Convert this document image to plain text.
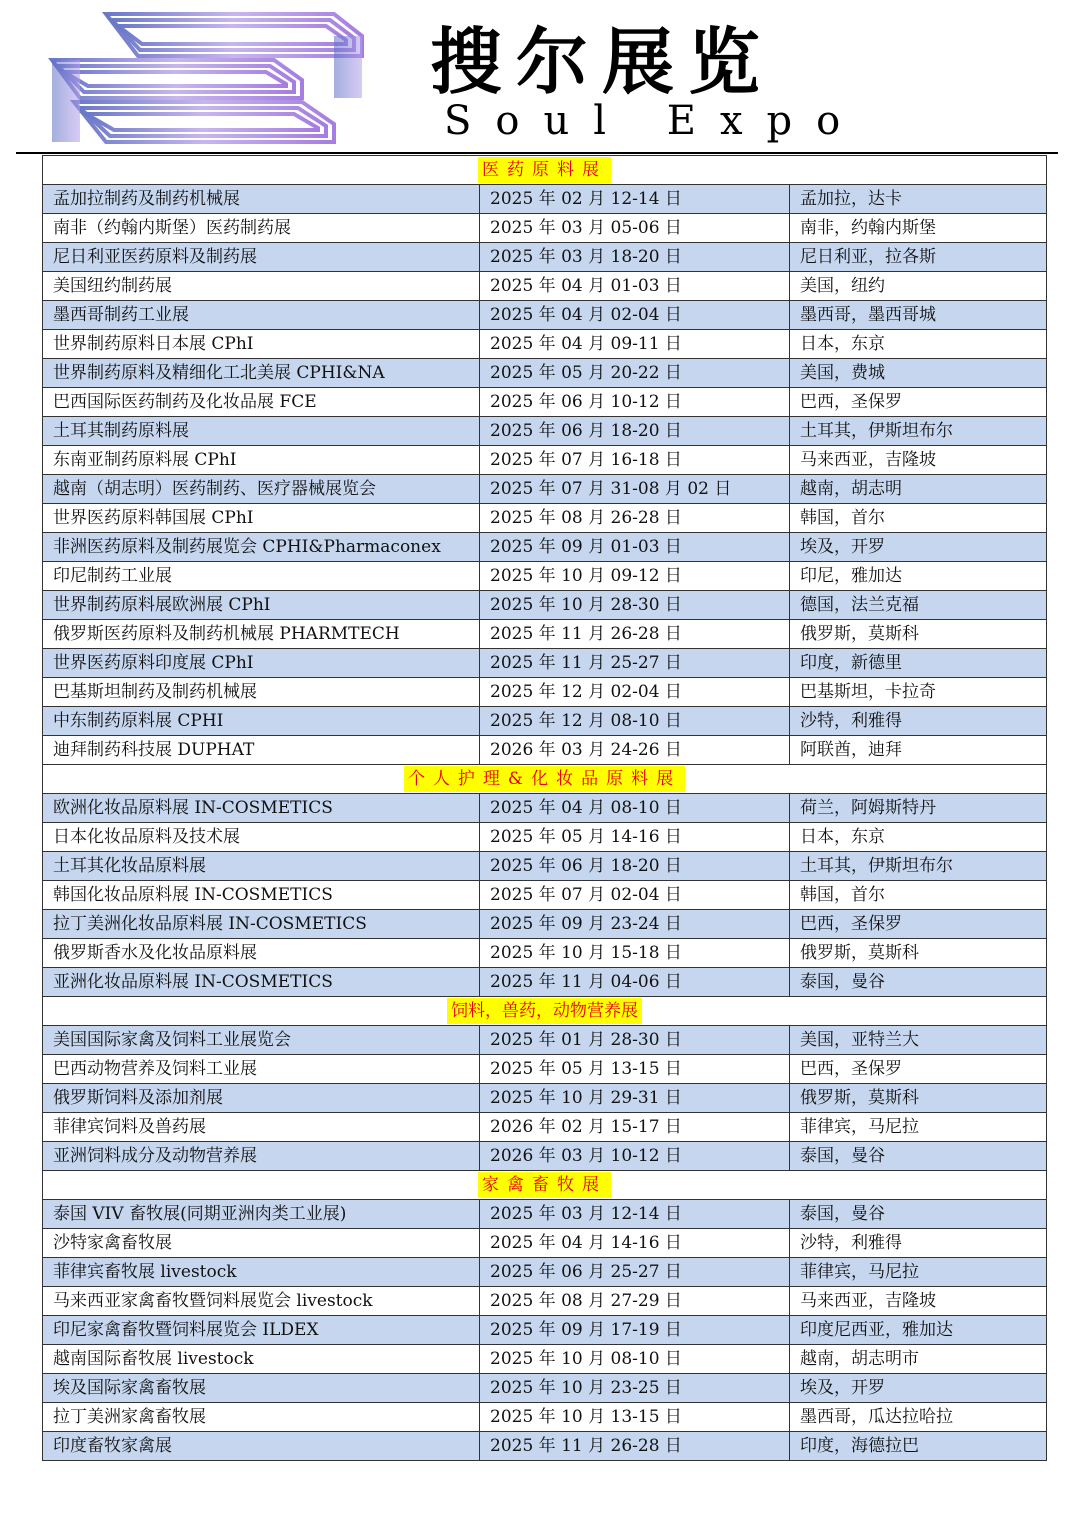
搜尔展览
Soul Expo
医药原料展		
孟加拉制药及制药机械展	2025 年 02 月 12-14 日	孟加拉，达卡
南非（约翰内斯堡）医药制药展	2025 年 03 月 05-06 日	南非，约翰内斯堡
尼日利亚医药原料及制药展	2025 年 03 月 18-20 日	尼日利亚，拉各斯
美国纽约制药展	2025 年 04 月 01-03 日	美国，纽约
墨西哥制药工业展	2025 年 04 月 02-04 日	墨西哥，墨西哥城
世界制药原料日本展 CPhI	2025 年 04 月 09-11 日	日本，东京
世界制药原料及精细化工北美展 CPHI&NA	2025 年 05 月 20-22 日	美国，费城
巴西国际医药制药及化妆品展 FCE	2025 年 06 月 10-12 日	巴西，圣保罗
土耳其制药原料展	2025 年 06 月 18-20 日	土耳其，伊斯坦布尔
东南亚制药原料展 CPhI	2025 年 07 月 16-18 日	马来西亚，吉隆坡
越南（胡志明）医药制药、医疗器械展览会	2025 年 07 月 31-08 月 02 日	越南，胡志明
世界医药原料韩国展 CPhI	2025 年 08 月 26-28 日	韩国，首尔
非洲医药原料及制药展览会 CPHI&Pharmaconex	2025 年 09 月 01-03 日	埃及，开罗
印尼制药工业展	2025 年 10 月 09-12 日	印尼，雅加达
世界制药原料展欧洲展 CPhI	2025 年 10 月 28-30 日	德国，法兰克福
俄罗斯医药原料及制药机械展 PHARMTECH	2025 年 11 月 26-28 日	俄罗斯，莫斯科
世界医药原料印度展 CPhI	2025 年 11 月 25-27 日	印度，新德里
巴基斯坦制药及制药机械展	2025 年 12 月 02-04 日	巴基斯坦，卡拉奇
中东制药原料展 CPHI	2025 年 12 月 08-10 日	沙特，利雅得
迪拜制药科技展 DUPHAT	2026 年 03 月 24-26 日	阿联酋，迪拜
个人护理&化妆品原料展		
欧洲化妆品原料展 IN-COSMETICS	2025 年 04 月 08-10 日	荷兰，阿姆斯特丹
日本化妆品原料及技术展	2025 年 05 月 14-16 日	日本，东京
土耳其化妆品原料展	2025 年 06 月 18-20 日	土耳其，伊斯坦布尔
韩国化妆品原料展 IN-COSMETICS	2025 年 07 月 02-04 日	韩国，首尔
拉丁美洲化妆品原料展 IN-COSMETICS	2025 年 09 月 23-24 日	巴西，圣保罗
俄罗斯香水及化妆品原料展	2025 年 10 月 15-18 日	俄罗斯，莫斯科
亚洲化妆品原料展 IN-COSMETICS	2025 年 11 月 04-06 日	泰国，曼谷
饲料，兽药，动物营养展		
美国国际家禽及饲料工业展览会	2025 年 01 月 28-30 日	美国，亚特兰大
巴西动物营养及饲料工业展	2025 年 05 月 13-15 日	巴西，圣保罗
俄罗斯饲料及添加剂展	2025 年 10 月 29-31 日	俄罗斯，莫斯科
菲律宾饲料及兽药展	2026 年 02 月 15-17 日	菲律宾，马尼拉
亚洲饲料成分及动物营养展	2026 年 03 月 10-12 日	泰国，曼谷
家禽畜牧展		
泰国 VIV 畜牧展(同期亚洲肉类工业展)	2025 年 03 月 12-14 日	泰国，曼谷
沙特家禽畜牧展	2025 年 04 月 14-16 日	沙特，利雅得
菲律宾畜牧展 livestock	2025 年 06 月 25-27 日	菲律宾，马尼拉
马来西亚家禽畜牧暨饲料展览会 livestock	2025 年 08 月 27-29 日	马来西亚，吉隆坡
印尼家禽畜牧暨饲料展览会 ILDEX	2025 年 09 月 17-19 日	印度尼西亚，雅加达
越南国际畜牧展 livestock	2025 年 10 月 08-10 日	越南，胡志明市
埃及国际家禽畜牧展	2025 年 10 月 23-25 日	埃及，开罗
拉丁美洲家禽畜牧展	2025 年 10 月 13-15 日	墨西哥，瓜达拉哈拉
印度畜牧家禽展	2025 年 11 月 26-28 日	印度，海德拉巴
